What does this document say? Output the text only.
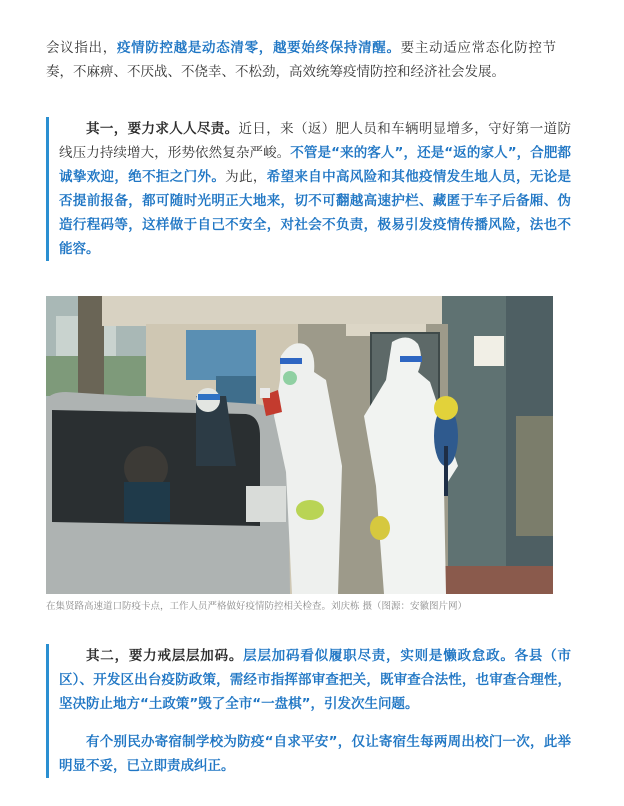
会议指出，疫情防控越是动态清零，越要始终保持清醒。要主动适应常态化防控节奏，不麻痹、不厌战、不侥幸、不松劲，高效统筹疫情防控和经济社会发展。

其一，要力求人人尽责。近日，来（返）肥人员和车辆明显增多，守好第一道防线压力持续增大，形势依然复杂严峻。不管是“来的客人”，还是“返的家人”，合肥都诚挚欢迎，绝不拒之门外。为此，希望来自中高风险和其他疫情发生地人员，无论是否提前报备，都可随时光明正大地来，切不可翻越高速护栏、藏匿于车子后备厢、伪造行程码等，这样做于自己不安全，对社会不负责，极易引发疫情传播风险，法也不能容。

在集贤路高速道口防疫卡点，工作人员严格做好疫情防控相关检查。刘庆栋 摄（图源：安徽图片网）

其二，要力戒层层加码。层层加码看似履职尽责，实则是懒政怠政。各县（市区）、开发区出台疫防政策，需经市指挥部审查把关，既审查合法性，也审查合理性，坚决防止地方“土政策”毁了全市“一盘棋”，引发次生问题。

有个别民办寄宿制学校为防疫“自求平安”，仅让寄宿生每两周出校门一次，此举明显不妥，已立即责成纠正。
